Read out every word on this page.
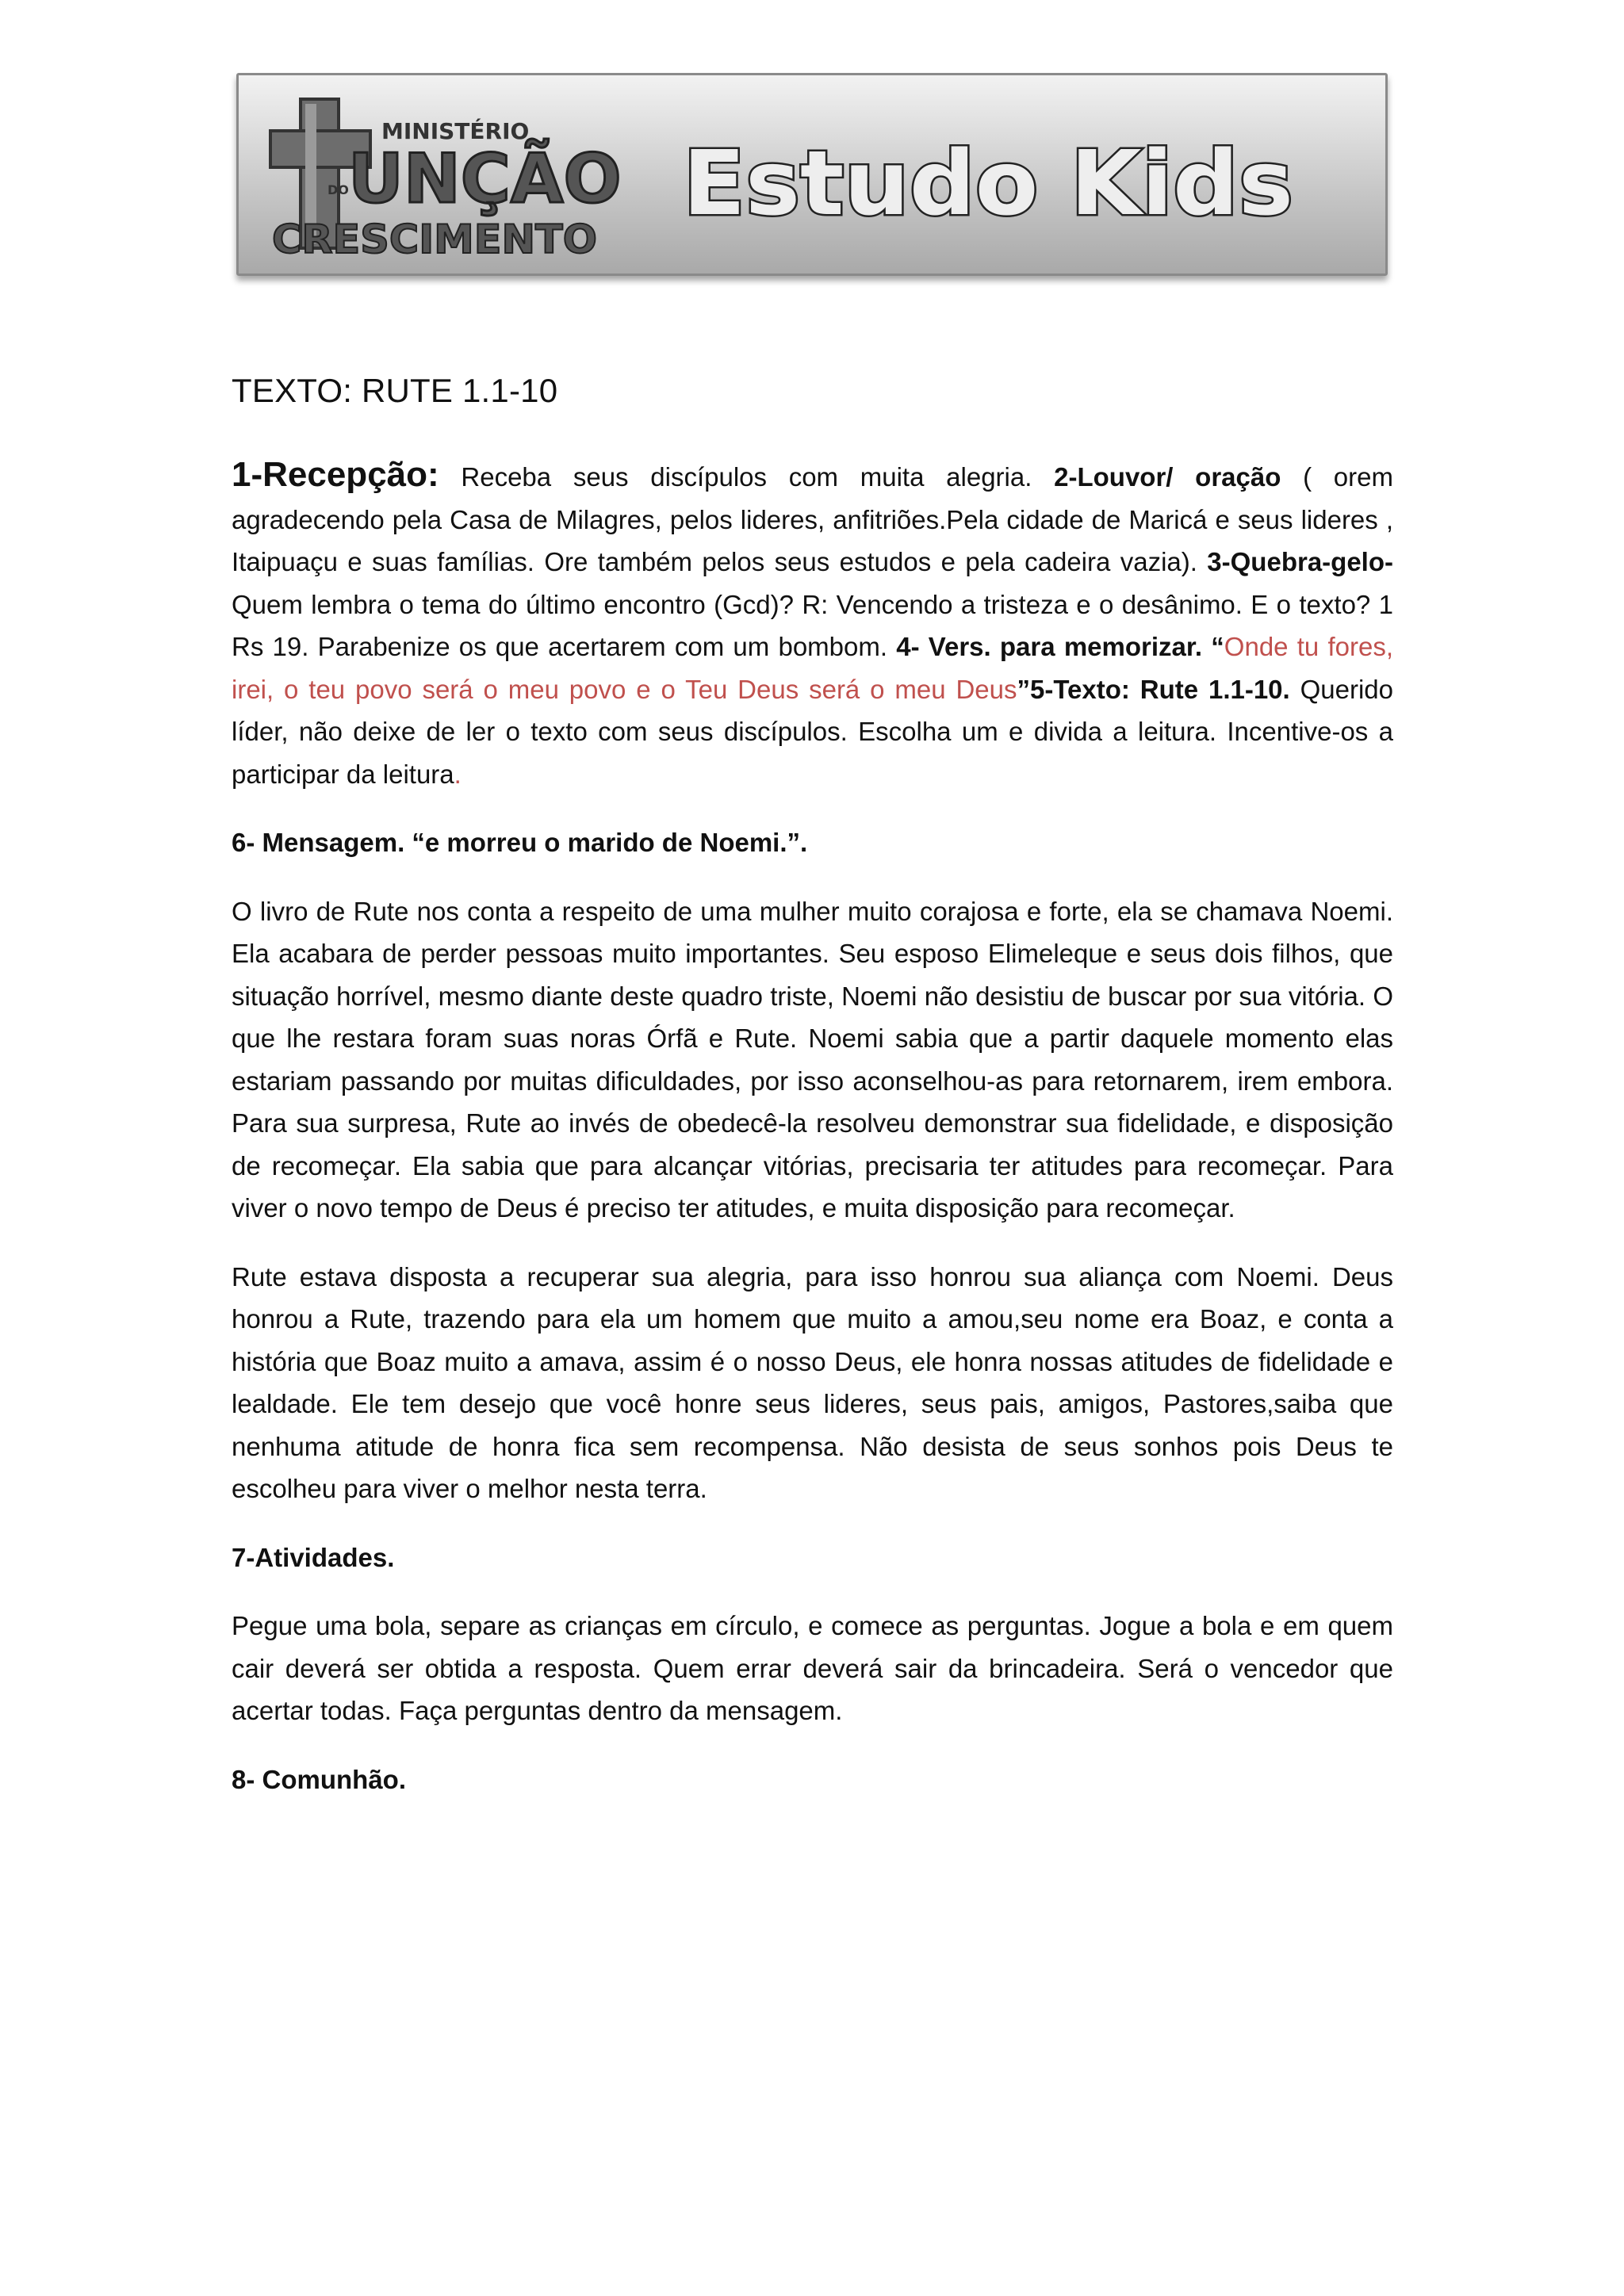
MINISTÉRIO
UNÇÃO
DO
CRESCIMENTO
Estudo Kids
TEXTO: RUTE 1.1-10

1-Recepção: Receba seus discípulos com muita alegria. 2-Louvor/ oração ( orem agradecendo pela Casa de Milagres, pelos lideres, anfitriões.Pela cidade de Maricá e seus lideres , Itaipuaçu e suas famílias. Ore também pelos seus estudos e pela cadeira vazia). 3-Quebra-gelo- Quem lembra o tema do último encontro (Gcd)? R: Vencendo a tristeza e o desânimo. E o texto? 1 Rs 19. Parabenize os que acertarem com um bombom. 4- Vers. para memorizar. “Onde tu fores, irei, o teu povo será o meu povo e o Teu Deus será o meu Deus”5-Texto: Rute 1.1-10. Querido líder, não deixe de ler o texto com seus discípulos. Escolha um e divida a leitura. Incentive-os a participar da leitura.

6- Mensagem. “e morreu o marido de Noemi.”.

O livro de Rute nos conta a respeito de uma mulher muito corajosa e forte, ela se chamava Noemi. Ela acabara de perder pessoas muito importantes. Seu esposo Elimeleque e seus dois filhos, que situação horrível, mesmo diante deste quadro triste, Noemi não desistiu de buscar por sua vitória. O que lhe restara foram suas noras Órfã e Rute. Noemi sabia que a partir daquele momento elas estariam passando por muitas dificuldades, por isso aconselhou-as para retornarem, irem embora. Para sua surpresa, Rute ao invés de obedecê-la resolveu demonstrar sua fidelidade, e disposição de recomeçar. Ela sabia que para alcançar vitórias, precisaria ter atitudes para recomeçar. Para viver o novo tempo de Deus é preciso ter atitudes, e muita disposição para recomeçar.

Rute estava disposta a recuperar sua alegria, para isso honrou sua aliança com Noemi. Deus honrou a Rute, trazendo para ela um homem que muito a amou,seu nome era Boaz, e conta a história que Boaz muito a amava, assim é o nosso Deus, ele honra nossas atitudes de fidelidade e lealdade. Ele tem desejo que você honre seus lideres, seus pais, amigos, Pastores,saiba que nenhuma atitude de honra fica sem recompensa. Não desista de seus sonhos pois Deus te escolheu para viver o melhor nesta terra.

7-Atividades.

Pegue uma bola, separe as crianças em círculo, e comece as perguntas. Jogue a bola e em quem cair deverá ser obtida a resposta. Quem errar deverá sair da brincadeira. Será o vencedor que acertar todas. Faça perguntas dentro da mensagem.

8- Comunhão.
